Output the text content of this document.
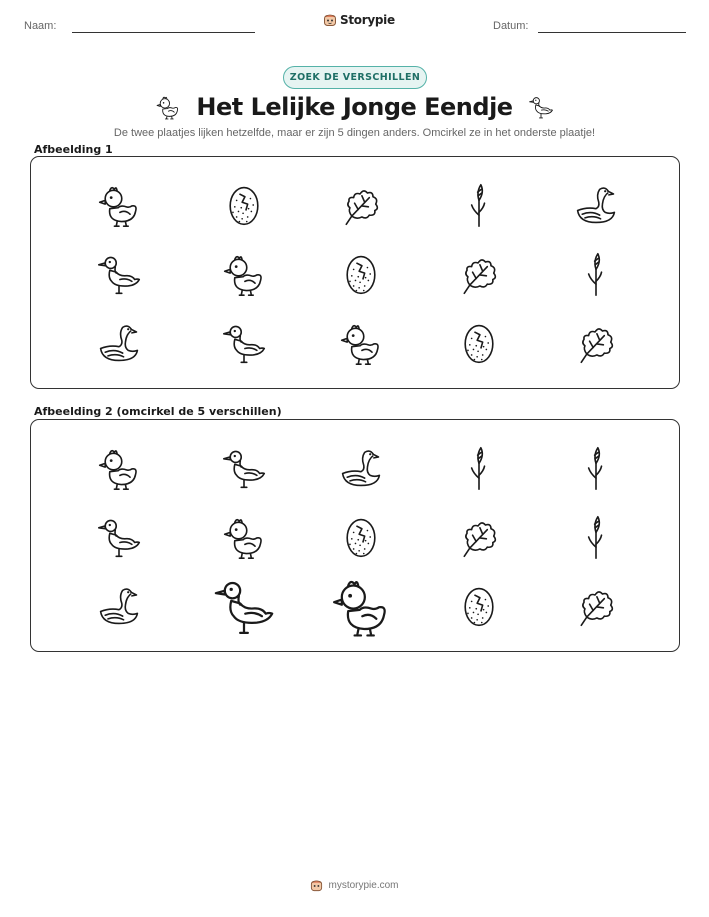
Naam:	Storypie	Datum:
ZOEK DE VERSCHILLEN
Het Lelijke Jonge Eendje
De twee plaatjes lijken hetzelfde, maar er zijn 5 dingen anders. Omcirkel ze in het onderste plaatje!
Afbeelding 1
Afbeelding 2 (omcirkel de 5 verschillen)
mystorypie.com
